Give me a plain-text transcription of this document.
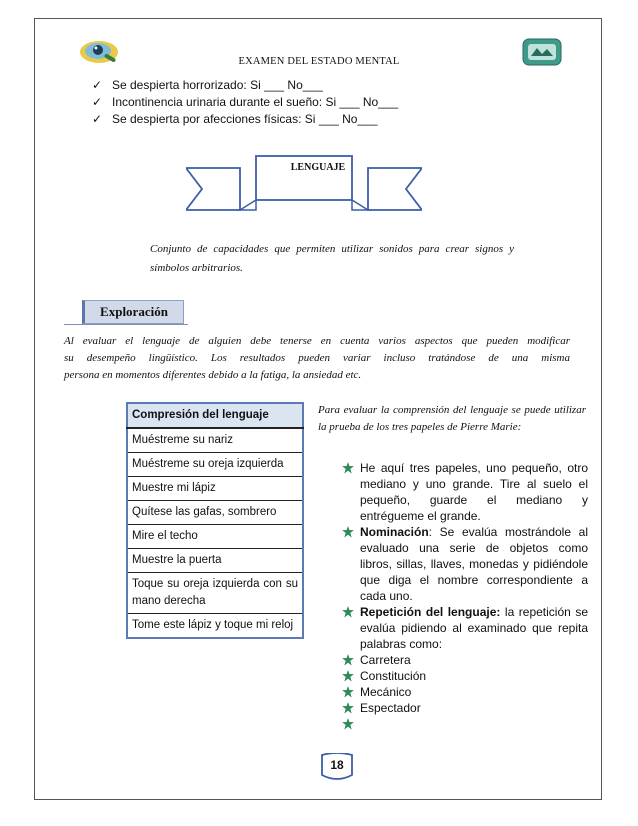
EXAMEN DEL ESTADO MENTAL
✓ Se despierta horrorizado: Si ___ No___
✓ Incontinencia urinaria durante el sueño: Si ___ No___
✓ Se despierta por afecciones físicas: Si ___ No___
LENGUAJE
Conjunto de capacidades que permiten utilizar sonidos para crear signos y símbolos arbitrarios.
Exploración
Al evaluar el lenguaje de alguien debe tenerse en cuenta varios aspectos que pueden modificar
su desempeño lingüístico. Los resultados pueden variar incluso tratándose de una misma
persona en momentos diferentes debido a la fatiga, la ansiedad etc.
Compresión del lenguaje
Muéstreme su nariz
Muéstreme su oreja izquierda
Muestre mi lápiz
Quítese las gafas, sombrero
Mire el techo
Muestre la puerta
Toque su oreja izquierda con su mano derecha
Tome este lápiz y toque mi reloj
Para evaluar la comprensión del lenguaje se puede utilizar la prueba de los tres papeles de Pierre Marie:
He aquí tres papeles, uno pequeño, otro mediano y uno grande. Tire al suelo el pequeño, guarde el mediano y entrégueme el grande.
Nominación: Se evalúa mostrándole al evaluado una serie de objetos como libros, sillas, llaves, monedas y pidiéndole que diga el nombre correspondiente a cada uno.
Repetición del lenguaje: la repetición se evalúa pidiendo al examinado que repita palabras como:
Carretera
Constitución
Mecánico
Espectador
18
